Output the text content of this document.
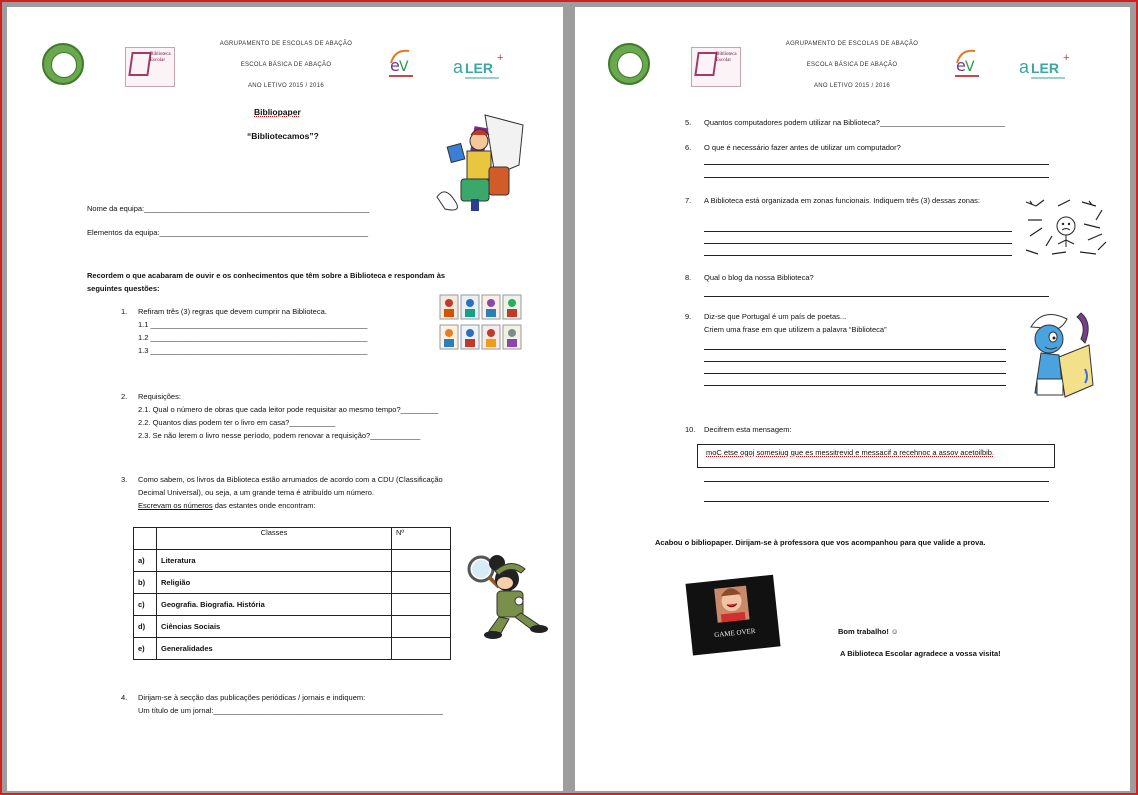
Biblioteca Escolar
AGRUPAMENTO DE ESCOLAS DE ABAÇÃO
ESCOLA BÁSICA DE ABAÇÃO
ANO LETIVO 2015 / 2016
e V a LER
+
Bibliopaper
“Bibliotecamos”?
Nome da equipa:______________________________________________________
Elementos da equipa:__________________________________________________
Recordem o que acabaram de ouvir e os conhecimentos que têm sobre a Biblioteca e respondam às
seguintes questões:
1. Refiram três (3) regras que devem cumprir na Biblioteca.
1.1 ____________________________________________________
1.2 ____________________________________________________
1.3 ____________________________________________________
2. Requisições:
2.1. Qual o número de obras que cada leitor pode requisitar ao mesmo tempo?_________
2.2. Quantos dias podem ter o livro em casa?___________
2.3. Se não lerem o livro nesse período, podem renovar a requisição?____________
3. Como sabem, os livros da Biblioteca estão arrumados de acordo com a CDU (Classificação
Decimal Universal), ou seja, a um grande tema é atribuído um número.
Escrevam os números das estantes onde encontram:
	Classes	Nº
a)	Literatura	
b)	Religião	
c)	Geografia. Biografia. História	
d)	Ciências Sociais	
e)	Generalidades	
4. Dirijam-se à secção das publicações periódicas / jornais e indiquem:
Um título de um jornal:_______________________________________________________
Biblioteca Escolar
AGRUPAMENTO DE ESCOLAS DE ABAÇÃO
ESCOLA BÁSICA DE ABAÇÃO
ANO LETIVO 2015 / 2016
e V a LER
+
5. Quantos computadores podem utilizar na Biblioteca?______________________________
6. O que é necessário fazer antes de utilizar um computador?
7. A Biblioteca está organizada em zonas funcionais. Indiquem três (3) dessas zonas:
8. Qual o blog da nossa Biblioteca?
9. Diz-se que Portugal é um país de poetas...
Criem uma frase em que utilizem a palavra “Biblioteca”
10. Decifrem esta mensagem:
moC etse ogoj somesiuq que es messitrevid e messacif a recehnoc a assov acetoilbib.
Acabou o bibliopaper. Dirijam-se à professora que vos acompanhou para que valide a prova.
GAME OVER	Bom trabalho! ☺
A Biblioteca Escolar agradece a vossa visita!
